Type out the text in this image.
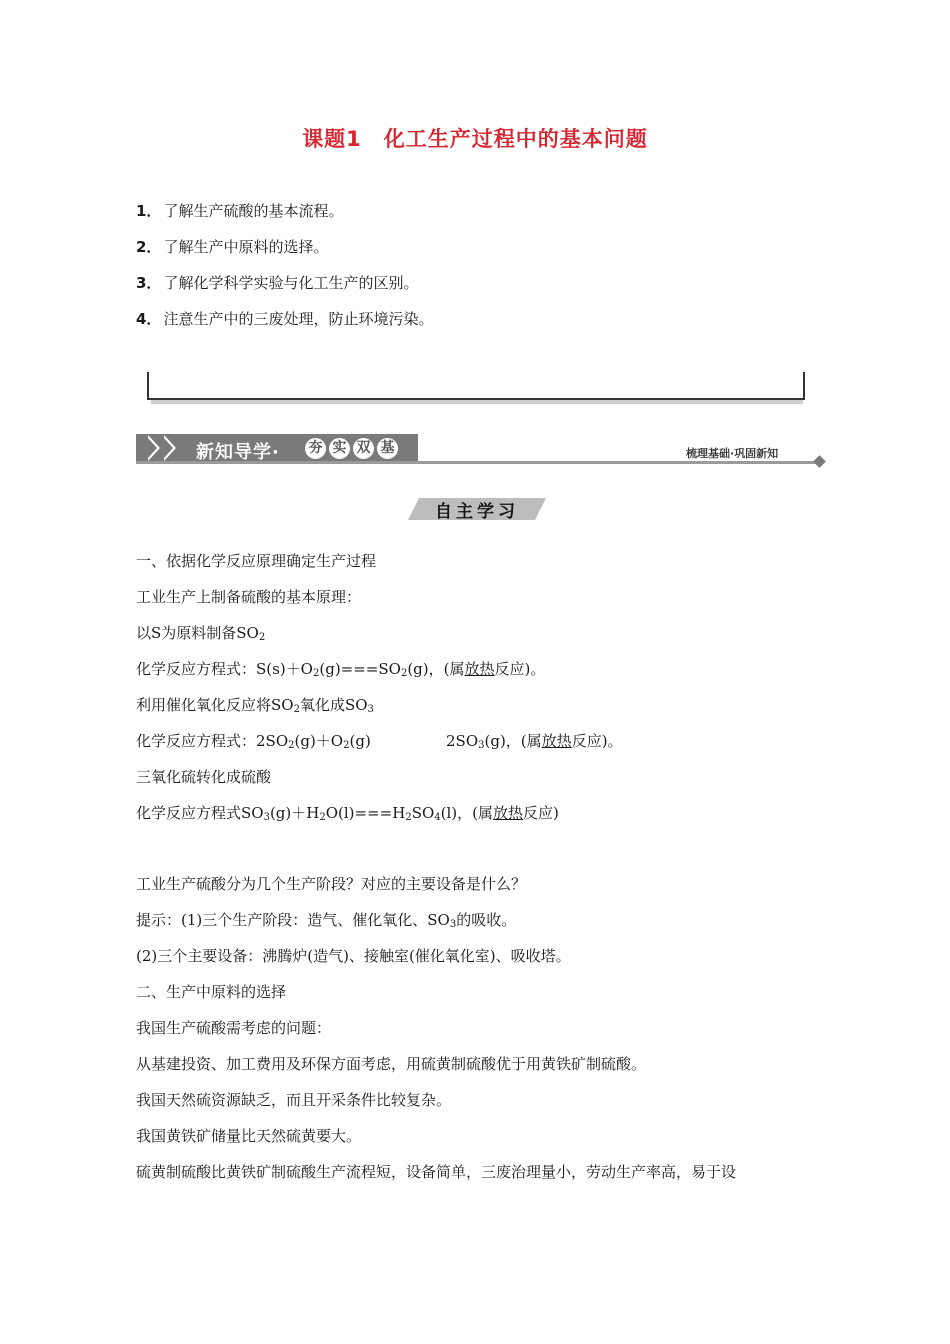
课题1　化工生产过程中的基本问题
1． 了解生产硫酸的基本流程。
2． 了解生产中原料的选择。
3． 了解化学科学实验与化工生产的区别。
4． 注意生产中的三废处理，防止环境污染。
新知导学· 夯 实 双 基	梳理基础·巩固新知
自主学习
一、依据化学反应原理确定生产过程
工业生产上制备硫酸的基本原理：
以S为原料制备$SO_2$
化学反应方程式：$S(s)+O_2(g)===SO_2(g)$，(属放热反应)。
利用催化氧化反应将$SO_2$氧化成$SO_3$
化学反应方程式：$2SO_2(g)+O_2(g)$	$2SO_3(g)$，(属放热反应)。
三氧化硫转化成硫酸
化学反应方程式$SO_3(g)+H_2O(l)===H_2SO_4(l)$，(属放热反应)
工业生产硫酸分为几个生产阶段？对应的主要设备是什么？
提示：(1)三个生产阶段：造气、催化氧化、$SO_3$的吸收。
(2)三个主要设备：沸腾炉(造气)、接触室(催化氧化室)、吸收塔。
二、生产中原料的选择
我国生产硫酸需考虑的问题：
从基建投资、加工费用及环保方面考虑，用硫黄制硫酸优于用黄铁矿制硫酸。
我国天然硫资源缺乏，而且开采条件比较复杂。
我国黄铁矿储量比天然硫黄要大。
硫黄制硫酸比黄铁矿制硫酸生产流程短，设备简单，三废治理量小，劳动生产率高，易于设
